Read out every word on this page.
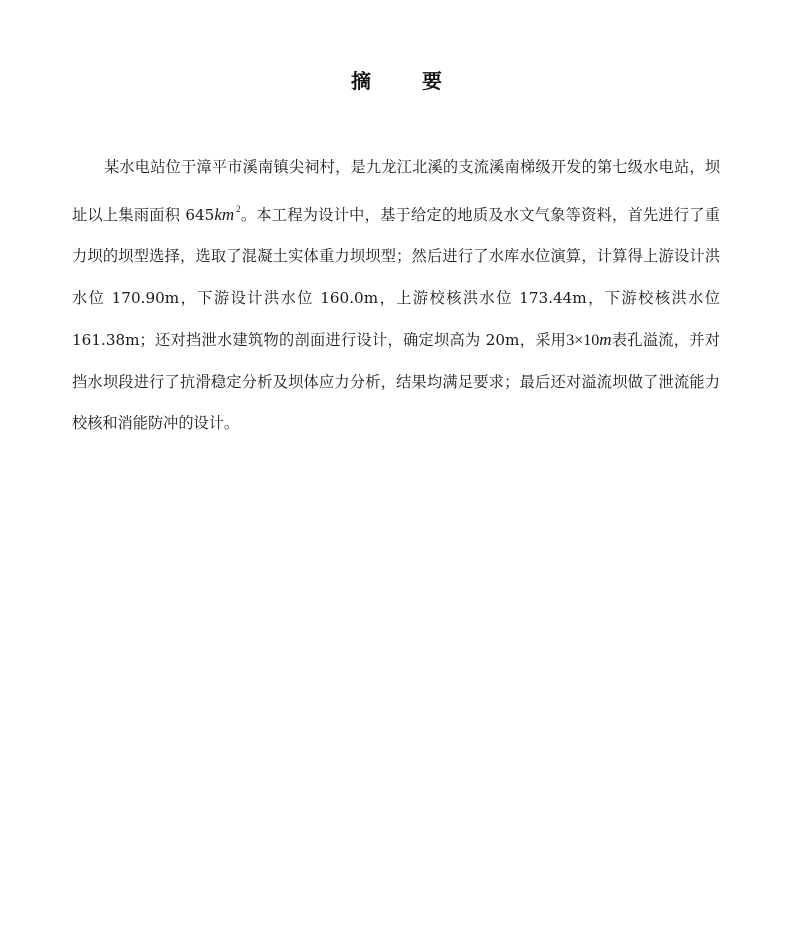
摘 要

某水电站位于漳平市溪南镇尖祠村，是九龙江北溪的支流溪南梯级开发的第七级水电站，坝址以上集雨面积 645km $^2$。本工程为设计中，基于给定的地质及水文气象等资料，首先进行了重力坝的坝型选择，选取了混凝土实体重力坝坝型；然后进行了水库水位演算，计算得上游设计洪水位 170.90m，下游设计洪水位 160.0m，上游校核洪水位 173.44m，下游校核洪水位 161.38m；还对挡泄水建筑物的剖面进行设计，确定坝高为 20m，采用3×10m表孔溢流，并对挡水坝段进行了抗滑稳定分析及坝体应力分析，结果均满足要求；最后还对溢流坝做了泄流能力校核和消能防冲的设计。
